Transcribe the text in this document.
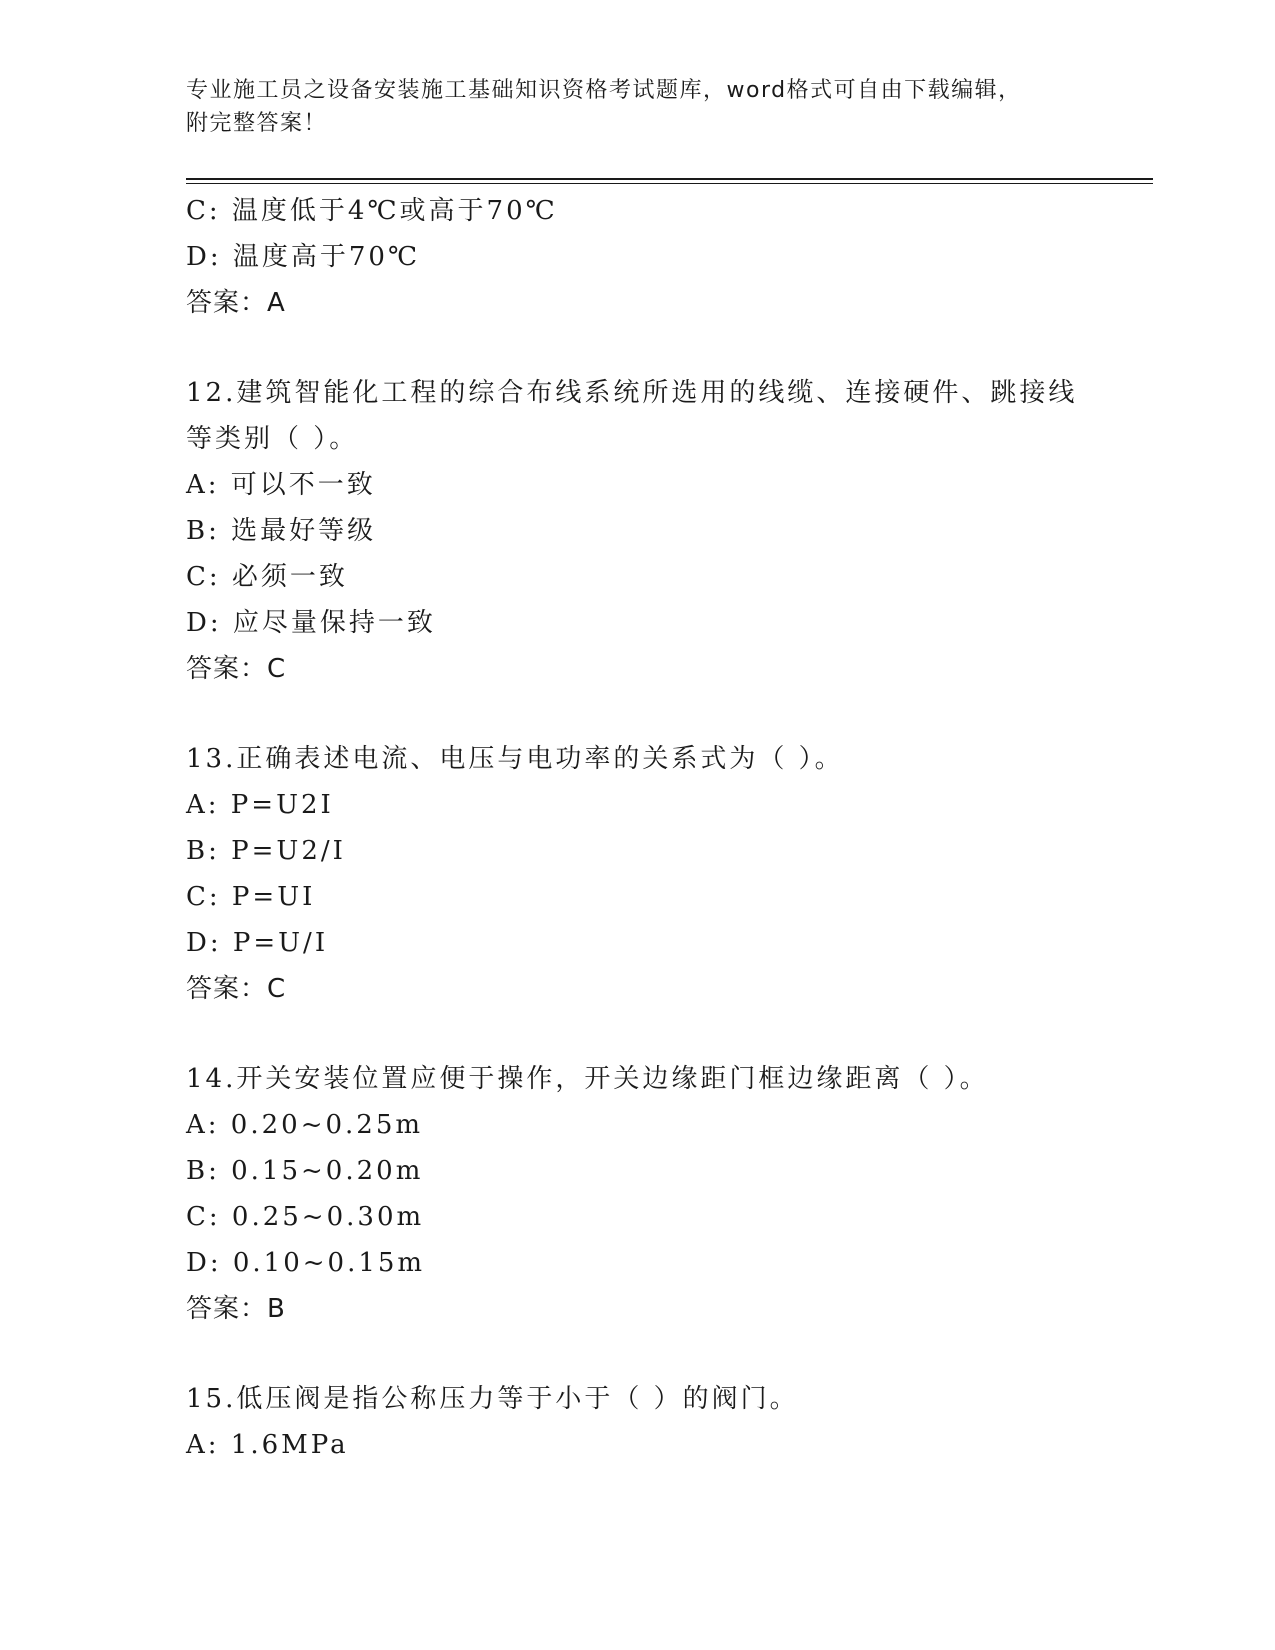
专业施工员之设备安装施工基础知识资格考试题库，word格式可自由下载编辑，
附完整答案！
C: 温度低于4℃或高于70℃
D: 温度高于70℃
答案：A
12.建筑智能化工程的综合布线系统所选用的线缆、连接硬件、跳接线
等类别（ ）。
A: 可以不一致
B: 选最好等级
C: 必须一致
D: 应尽量保持一致
答案：C
13.正确表述电流、电压与电功率的关系式为（ ）。
A: P=U2I
B: P=U2/I
C: P=UI
D: P=U/I
答案：C
14.开关安装位置应便于操作，开关边缘距门框边缘距离（ ）。
A: 0.20~0.25m
B: 0.15~0.20m
C: 0.25~0.30m
D: 0.10~0.15m
答案：B
15.低压阀是指公称压力等于小于（ ）的阀门。
A: 1.6MPa
